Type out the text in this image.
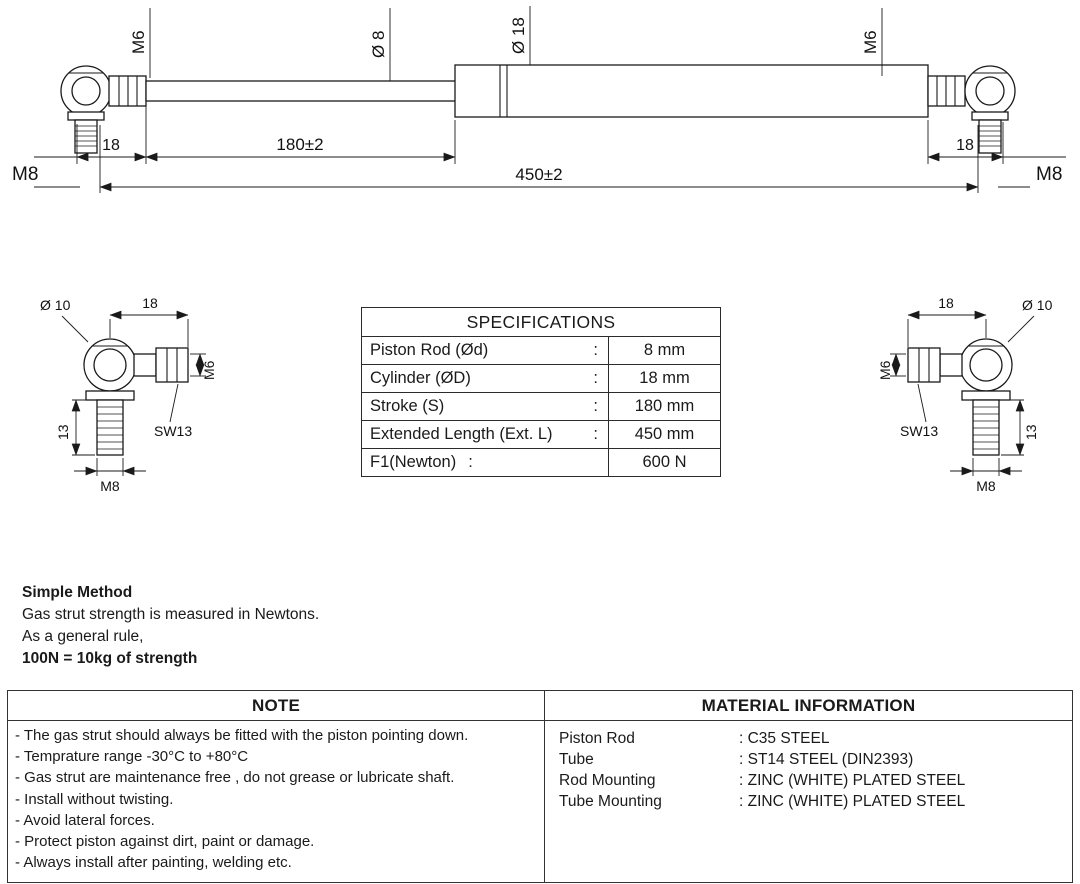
M6	Ø 8	Ø 18	M6
18	180±2	18
450±2
M8	M8
Ø 10	18
M6
SW13
13
M8
18	Ø 10
M6
SW13	13
M8
SPECIFICATIONS	

Piston Rod (Ød) :	8 mm

Cylinder (ØD) :	18 mm

Stroke (S) :	180 mm

Extended Length (Ext. L) :	450 mm

F1(Newton) :	600 N
Simple Method
Gas strut strength is measured in Newtons.
As a general rule,
100N = 10kg of strength
NOTE
- The gas strut should always be fitted with the piston pointing down.
- Temprature range -30°C to +80°C
- Gas strut are maintenance free , do not grease or lubricate shaft.
- Install without twisting.
- Avoid lateral forces.
- Protect piston against dirt, paint or damage.
- Always install after painting, welding etc.
MATERIAL INFORMATION
Piston Rod	: C35 STEEL
Tube	: ST14 STEEL (DIN2393)
Rod Mounting	: ZINC (WHITE) PLATED STEEL
Tube Mounting	: ZINC (WHITE) PLATED STEEL
